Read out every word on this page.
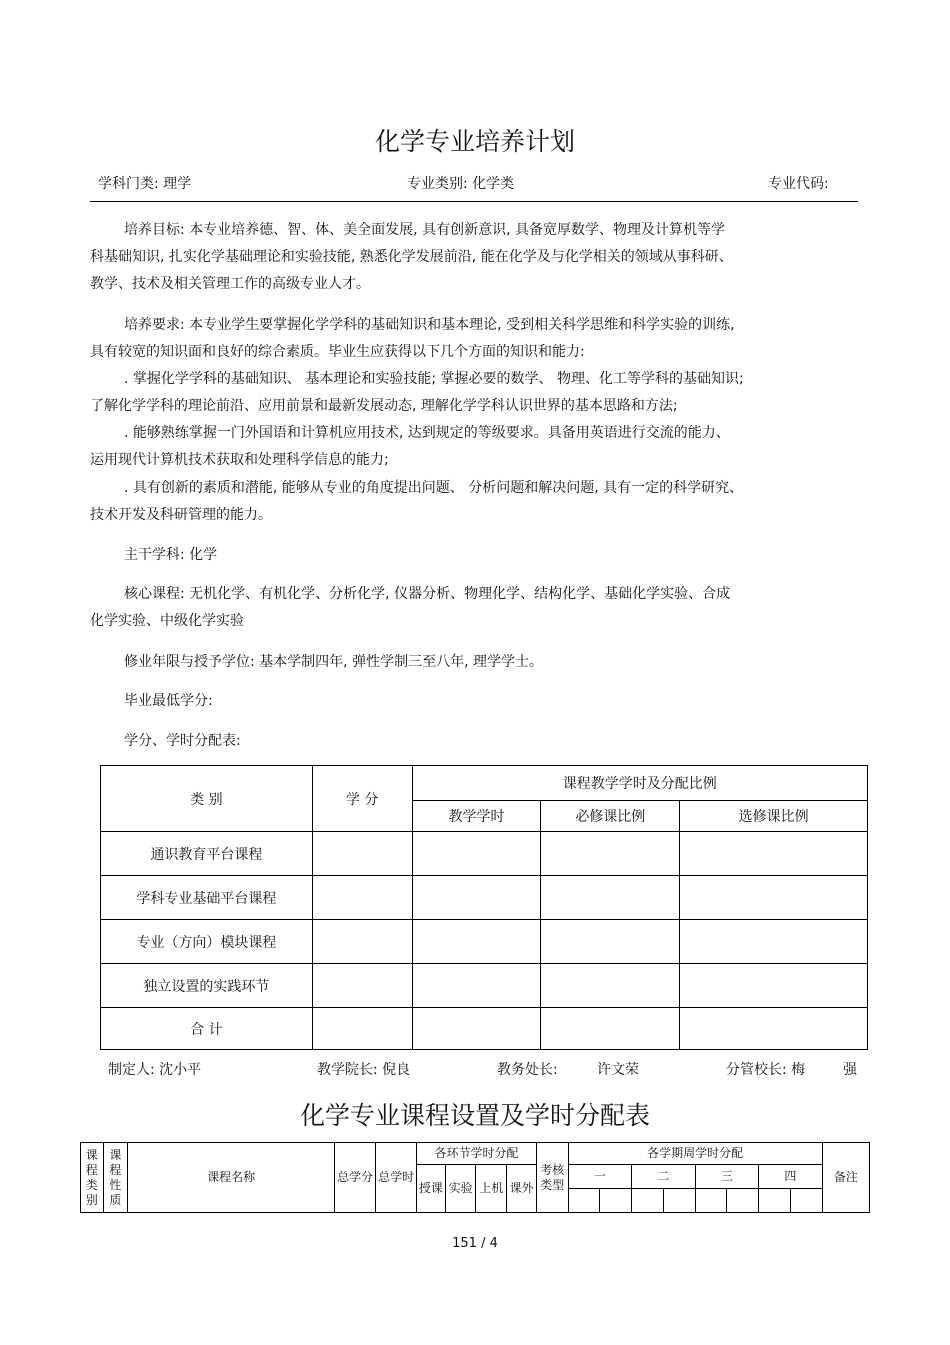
化学专业培养计划
学科门类: 理学	专业类别: 化学类	专业代码:
培养目标: 本专业培养德、智、体、美全面发展, 具有创新意识, 具备宽厚数学、物理及计算机等学
科基础知识, 扎实化学基础理论和实验技能, 熟悉化学发展前沿, 能在化学及与化学相关的领域从事科研、
教学、技术及相关管理工作的高级专业人才。
培养要求: 本专业学生要掌握化学学科的基础知识和基本理论, 受到相关科学思维和科学实验的训练,
具有较宽的知识面和良好的综合素质。毕业生应获得以下几个方面的知识和能力:
. 掌握化学学科的基础知识、 基本理论和实验技能; 掌握必要的数学、 物理、化工等学科的基础知识;
了解化学学科的理论前沿、应用前景和最新发展动态, 理解化学学科认识世界的基本思路和方法;
. 能够熟练掌握一门外国语和计算机应用技术, 达到规定的等级要求。具备用英语进行交流的能力、
运用现代计算机技术获取和处理科学信息的能力;
. 具有创新的素质和潜能, 能够从专业的角度提出问题、 分析问题和解决问题, 具有一定的科学研究、
技术开发及科研管理的能力。
主干学科: 化学
核心课程: 无机化学、有机化学、分析化学, 仪器分析、物理化学、结构化学、基础化学实验、合成
化学实验、中级化学实验
修业年限与授予学位: 基本学制四年, 弹性学制三至八年, 理学学士。
毕业最低学分:
学分、学时分配表:
类 别	学 分	课程教学学时及分配比例		
		教学学时	必修课比例	选修课比例
通识教育平台课程				
学科专业基础平台课程				
专业（方向）模块课程				
独立设置的实践环节				
合 计				
制定人: 沈小平	教学院长: 倪良	教务处长:	许文荣	分管校长: 梅	强
化学专业课程设置及学时分配表
课程类别	课程性质	课程名称	总学分	总学时	各环节学时分配				考核类型	各学期周学时分配								备注
					授课	实验	上机	课外		一		二		三		四		

151 / 4
